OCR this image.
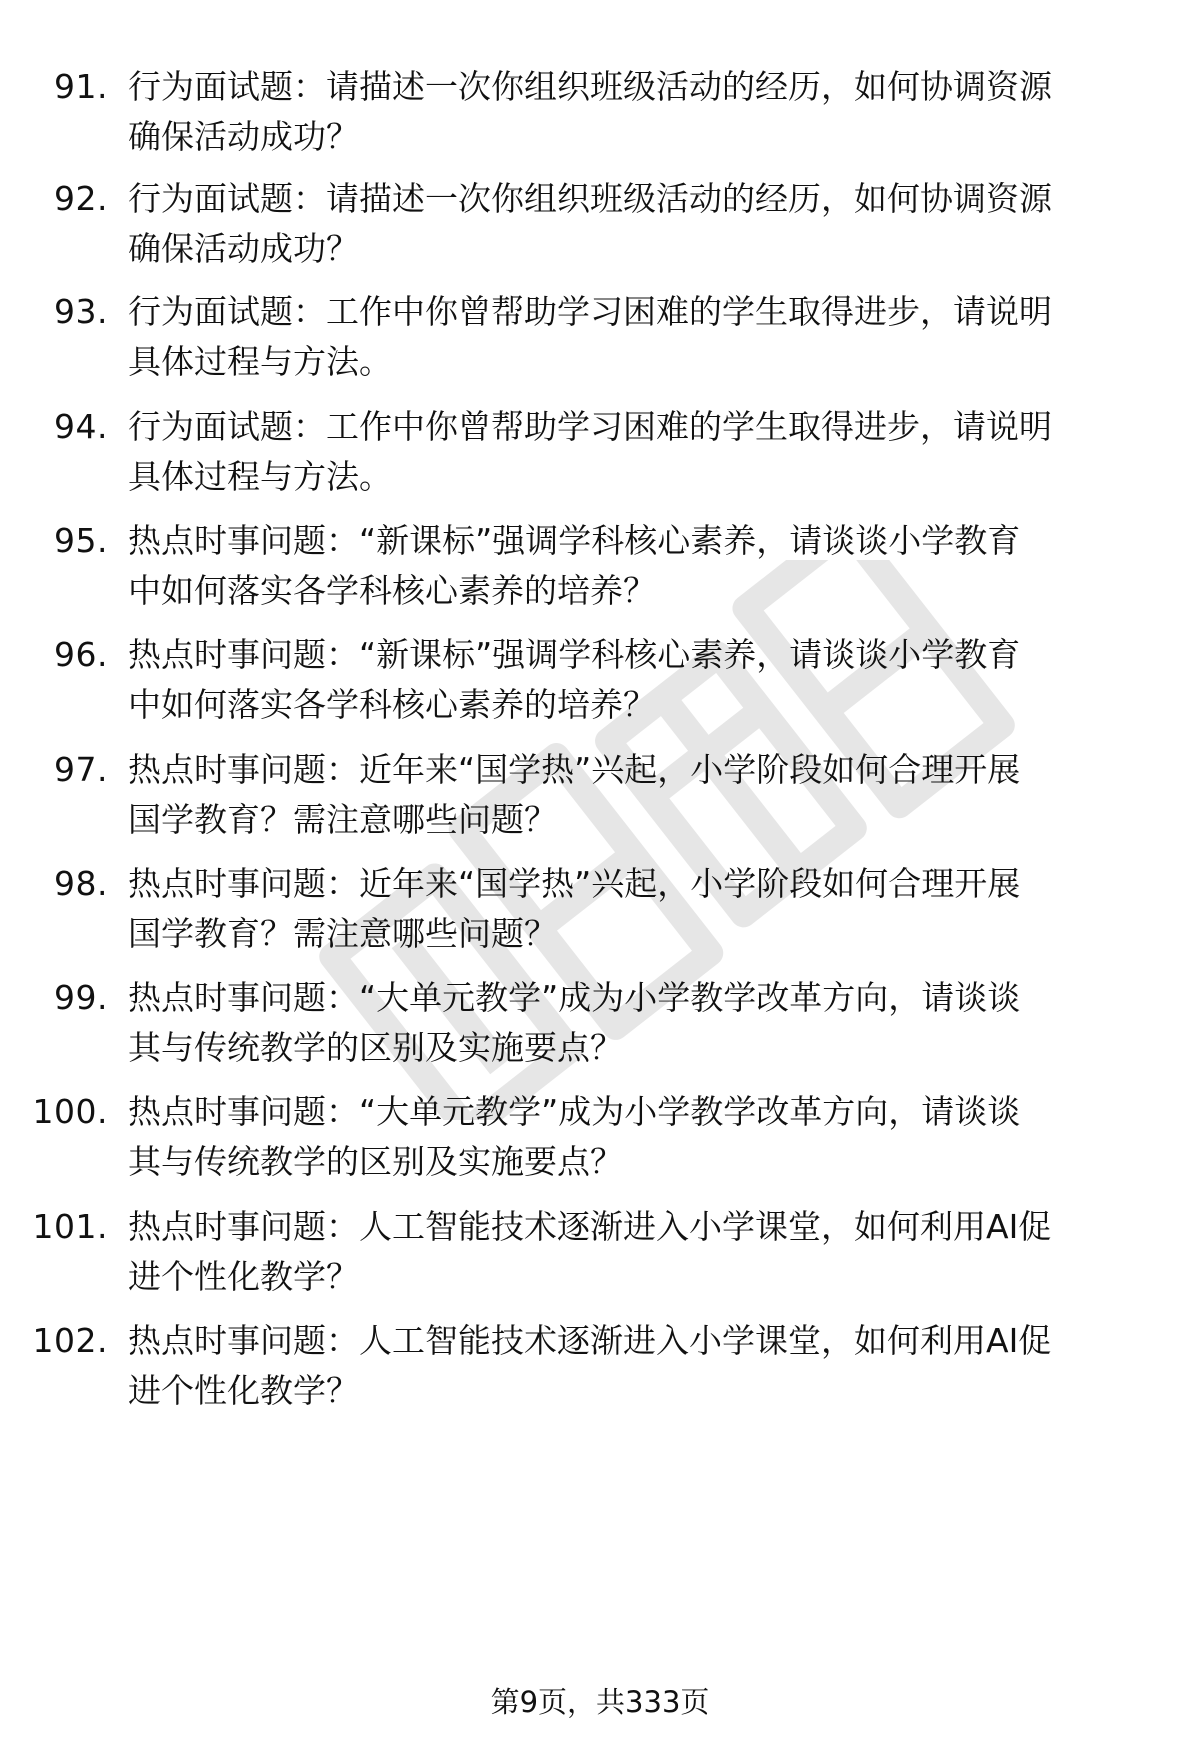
91. 行为面试题：请描述一次你组织班级活动的经历，如何协调资源
确保活动成功？
92. 行为面试题：请描述一次你组织班级活动的经历，如何协调资源
确保活动成功？
93. 行为面试题：工作中你曾帮助学习困难的学生取得进步，请说明
具体过程与方法。
94. 行为面试题：工作中你曾帮助学习困难的学生取得进步，请说明
具体过程与方法。
95. 热点时事问题：“新课标”强调学科核心素养，请谈谈小学教育
中如何落实各学科核心素养的培养？
96. 热点时事问题：“新课标”强调学科核心素养，请谈谈小学教育
中如何落实各学科核心素养的培养？
97. 热点时事问题：近年来“国学热”兴起，小学阶段如何合理开展
国学教育？需注意哪些问题？
98. 热点时事问题：近年来“国学热”兴起，小学阶段如何合理开展
国学教育？需注意哪些问题？
99. 热点时事问题：“大单元教学”成为小学教学改革方向，请谈谈
其与传统教学的区别及实施要点？
100. 热点时事问题：“大单元教学”成为小学教学改革方向，请谈谈
其与传统教学的区别及实施要点？
101. 热点时事问题：人工智能技术逐渐进入小学课堂，如何利用AI促
进个性化教学？
102. 热点时事问题：人工智能技术逐渐进入小学课堂，如何利用AI促
进个性化教学？
第9页，共333页
